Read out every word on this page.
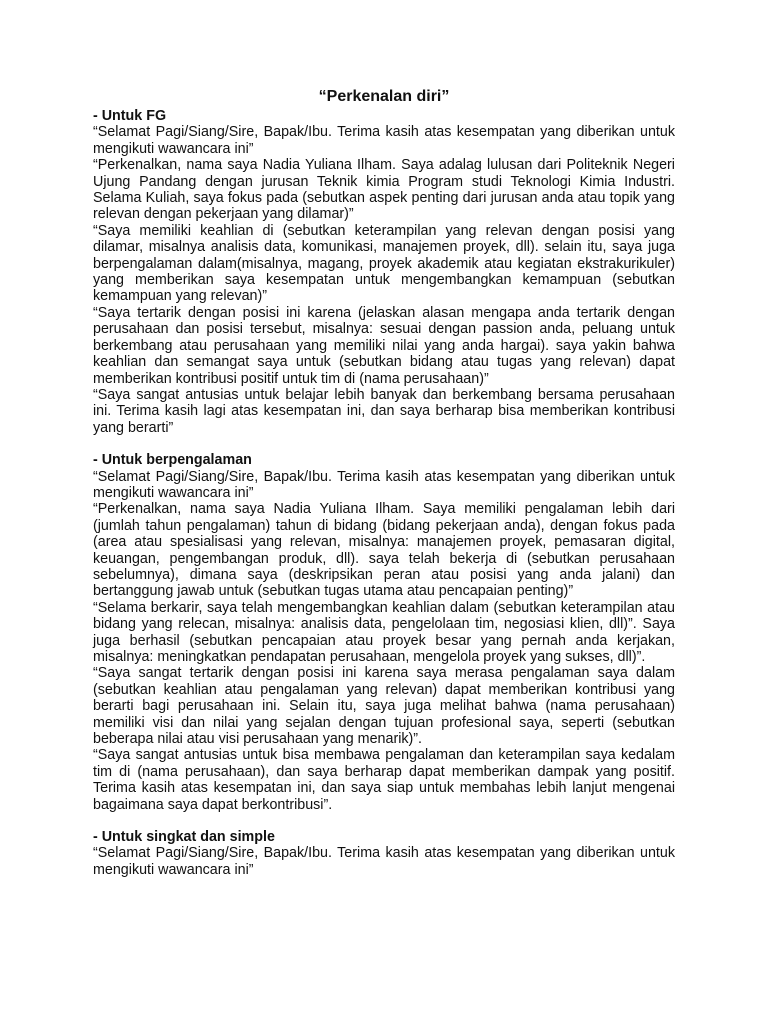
“Perkenalan diri”

- Untuk FG

“Selamat Pagi/Siang/Sire, Bapak/Ibu. Terima kasih atas kesempatan yang diberikan untuk mengikuti wawancara ini”

“Perkenalkan, nama saya Nadia Yuliana Ilham. Saya adalag lulusan dari Politeknik Negeri Ujung Pandang dengan jurusan Teknik kimia Program studi Teknologi Kimia Industri. Selama Kuliah, saya fokus pada (sebutkan aspek penting dari jurusan anda atau topik yang relevan dengan pekerjaan yang dilamar)”

“Saya memiliki keahlian di (sebutkan keterampilan yang relevan dengan posisi yang dilamar, misalnya analisis data, komunikasi, manajemen proyek, dll). selain itu, saya juga berpengalaman dalam(misalnya, magang, proyek akademik atau kegiatan ekstrakurikuler) yang memberikan saya kesempatan untuk mengembangkan kemampuan (sebutkan kemampuan yang relevan)”

“Saya tertarik dengan posisi ini karena (jelaskan alasan mengapa anda tertarik dengan perusahaan dan posisi tersebut, misalnya: sesuai dengan passion anda, peluang untuk berkembang atau perusahaan yang memiliki nilai yang anda hargai). saya yakin bahwa keahlian dan semangat saya untuk (sebutkan bidang atau tugas yang relevan) dapat memberikan kontribusi positif untuk tim di (nama perusahaan)”

“Saya sangat antusias untuk belajar lebih banyak dan berkembang bersama perusahaan ini. Terima kasih lagi atas kesempatan ini, dan saya berharap bisa memberikan kontribusi yang berarti”

- Untuk berpengalaman

“Selamat Pagi/Siang/Sire, Bapak/Ibu. Terima kasih atas kesempatan yang diberikan untuk mengikuti wawancara ini”

“Perkenalkan, nama saya Nadia Yuliana Ilham. Saya memiliki pengalaman lebih dari (jumlah tahun pengalaman) tahun di bidang (bidang pekerjaan anda), dengan fokus pada (area atau spesialisasi yang relevan, misalnya: manajemen proyek, pemasaran digital, keuangan, pengembangan produk, dll). saya telah bekerja di (sebutkan perusahaan sebelumnya), dimana saya (deskripsikan peran atau posisi yang anda jalani) dan bertanggung jawab untuk (sebutkan tugas utama atau pencapaian penting)”

“Selama berkarir, saya telah mengembangkan keahlian dalam (sebutkan keterampilan atau bidang yang relecan, misalnya: analisis data, pengelolaan tim, negosiasi klien, dll)”. Saya juga berhasil (sebutkan pencapaian atau proyek besar yang pernah anda kerjakan, misalnya: meningkatkan pendapatan perusahaan, mengelola proyek yang sukses, dll)”.

“Saya sangat tertarik dengan posisi ini karena saya merasa pengalaman saya dalam (sebutkan keahlian atau pengalaman yang relevan) dapat memberikan kontribusi yang berarti bagi perusahaan ini. Selain itu, saya juga melihat bahwa (nama perusahaan) memiliki visi dan nilai yang sejalan dengan tujuan profesional saya, seperti (sebutkan beberapa nilai atau visi perusahaan yang menarik)”.

“Saya sangat antusias untuk bisa membawa pengalaman dan keterampilan saya kedalam tim di (nama perusahaan), dan saya berharap dapat memberikan dampak yang positif. Terima kasih atas kesempatan ini, dan saya siap untuk membahas lebih lanjut mengenai bagaimana saya dapat berkontribusi”.

- Untuk singkat dan simple

“Selamat Pagi/Siang/Sire, Bapak/Ibu. Terima kasih atas kesempatan yang diberikan untuk mengikuti wawancara ini”
